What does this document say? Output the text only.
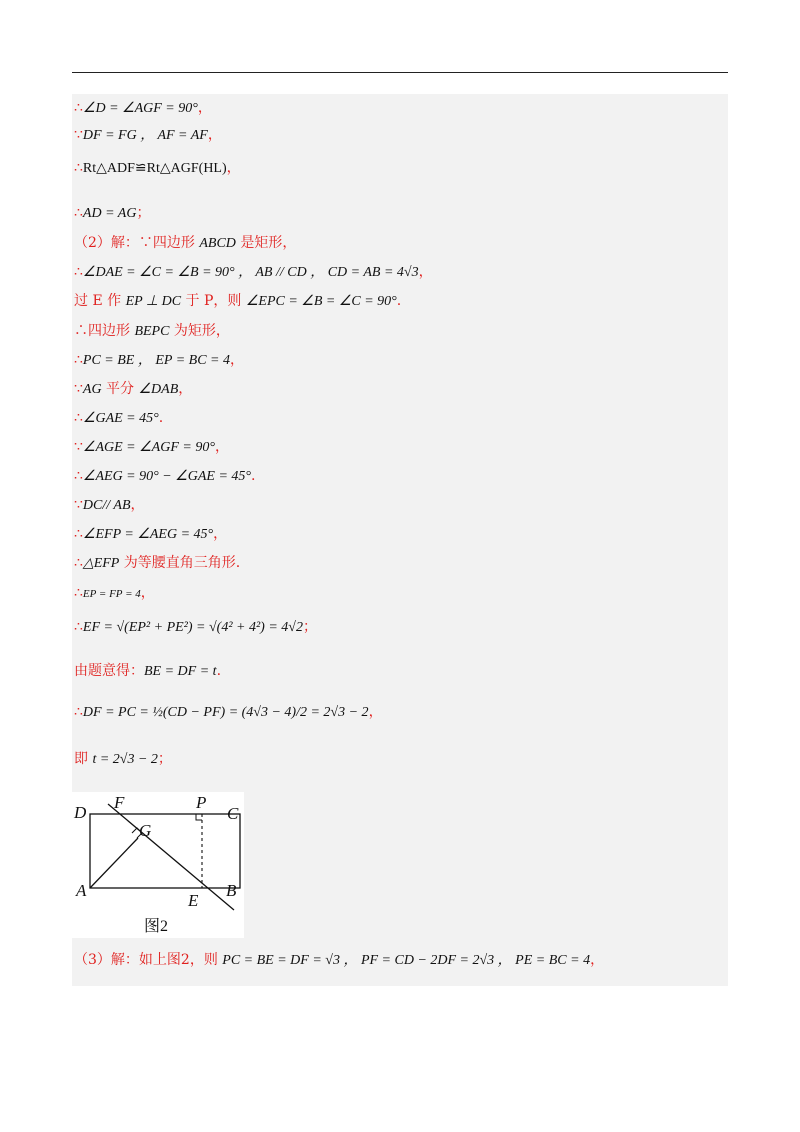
∴∠D = ∠AGF = 90°，
∵DF = FG ， AF = AF，
∴Rt△ADF≌Rt△AGF(HL)，
∴AD = AG；
（2）解：∵四边形 ABCD 是矩形，
∴∠DAE = ∠C = ∠B = 90° ， AB // CD ， CD = AB = 4√3，
过 E 作 EP ⊥ DC 于 P，则 ∠EPC = ∠B = ∠C = 90°.
∴四边形 BEPC 为矩形，
∴PC = BE ， EP = BC = 4，
∵AG 平分 ∠DAB，
∴∠GAE = 45°.
∵∠AGE = ∠AGF = 90°，
∴∠AEG = 90° − ∠GAE = 45°.
∵DC// AB，
∴∠EFP = ∠AEG = 45°，
∴△EFP 为等腰直角三角形.
∴EP = FP = 4，
∴EF = √(EP² + PE²) = √(4² + 4²) = 4√2；
由题意得：BE = DF = t.
∴DF = PC = ½(CD − PF) = (4√3 − 4)/2 = 2√3 − 2，
即 t = 2√3 − 2；
D
F	P
C
G
A
E
B
图2
（3）解：如上图2，则 PC = BE = DF = √3 ， PF = CD − 2DF = 2√3 ， PE = BC = 4，
